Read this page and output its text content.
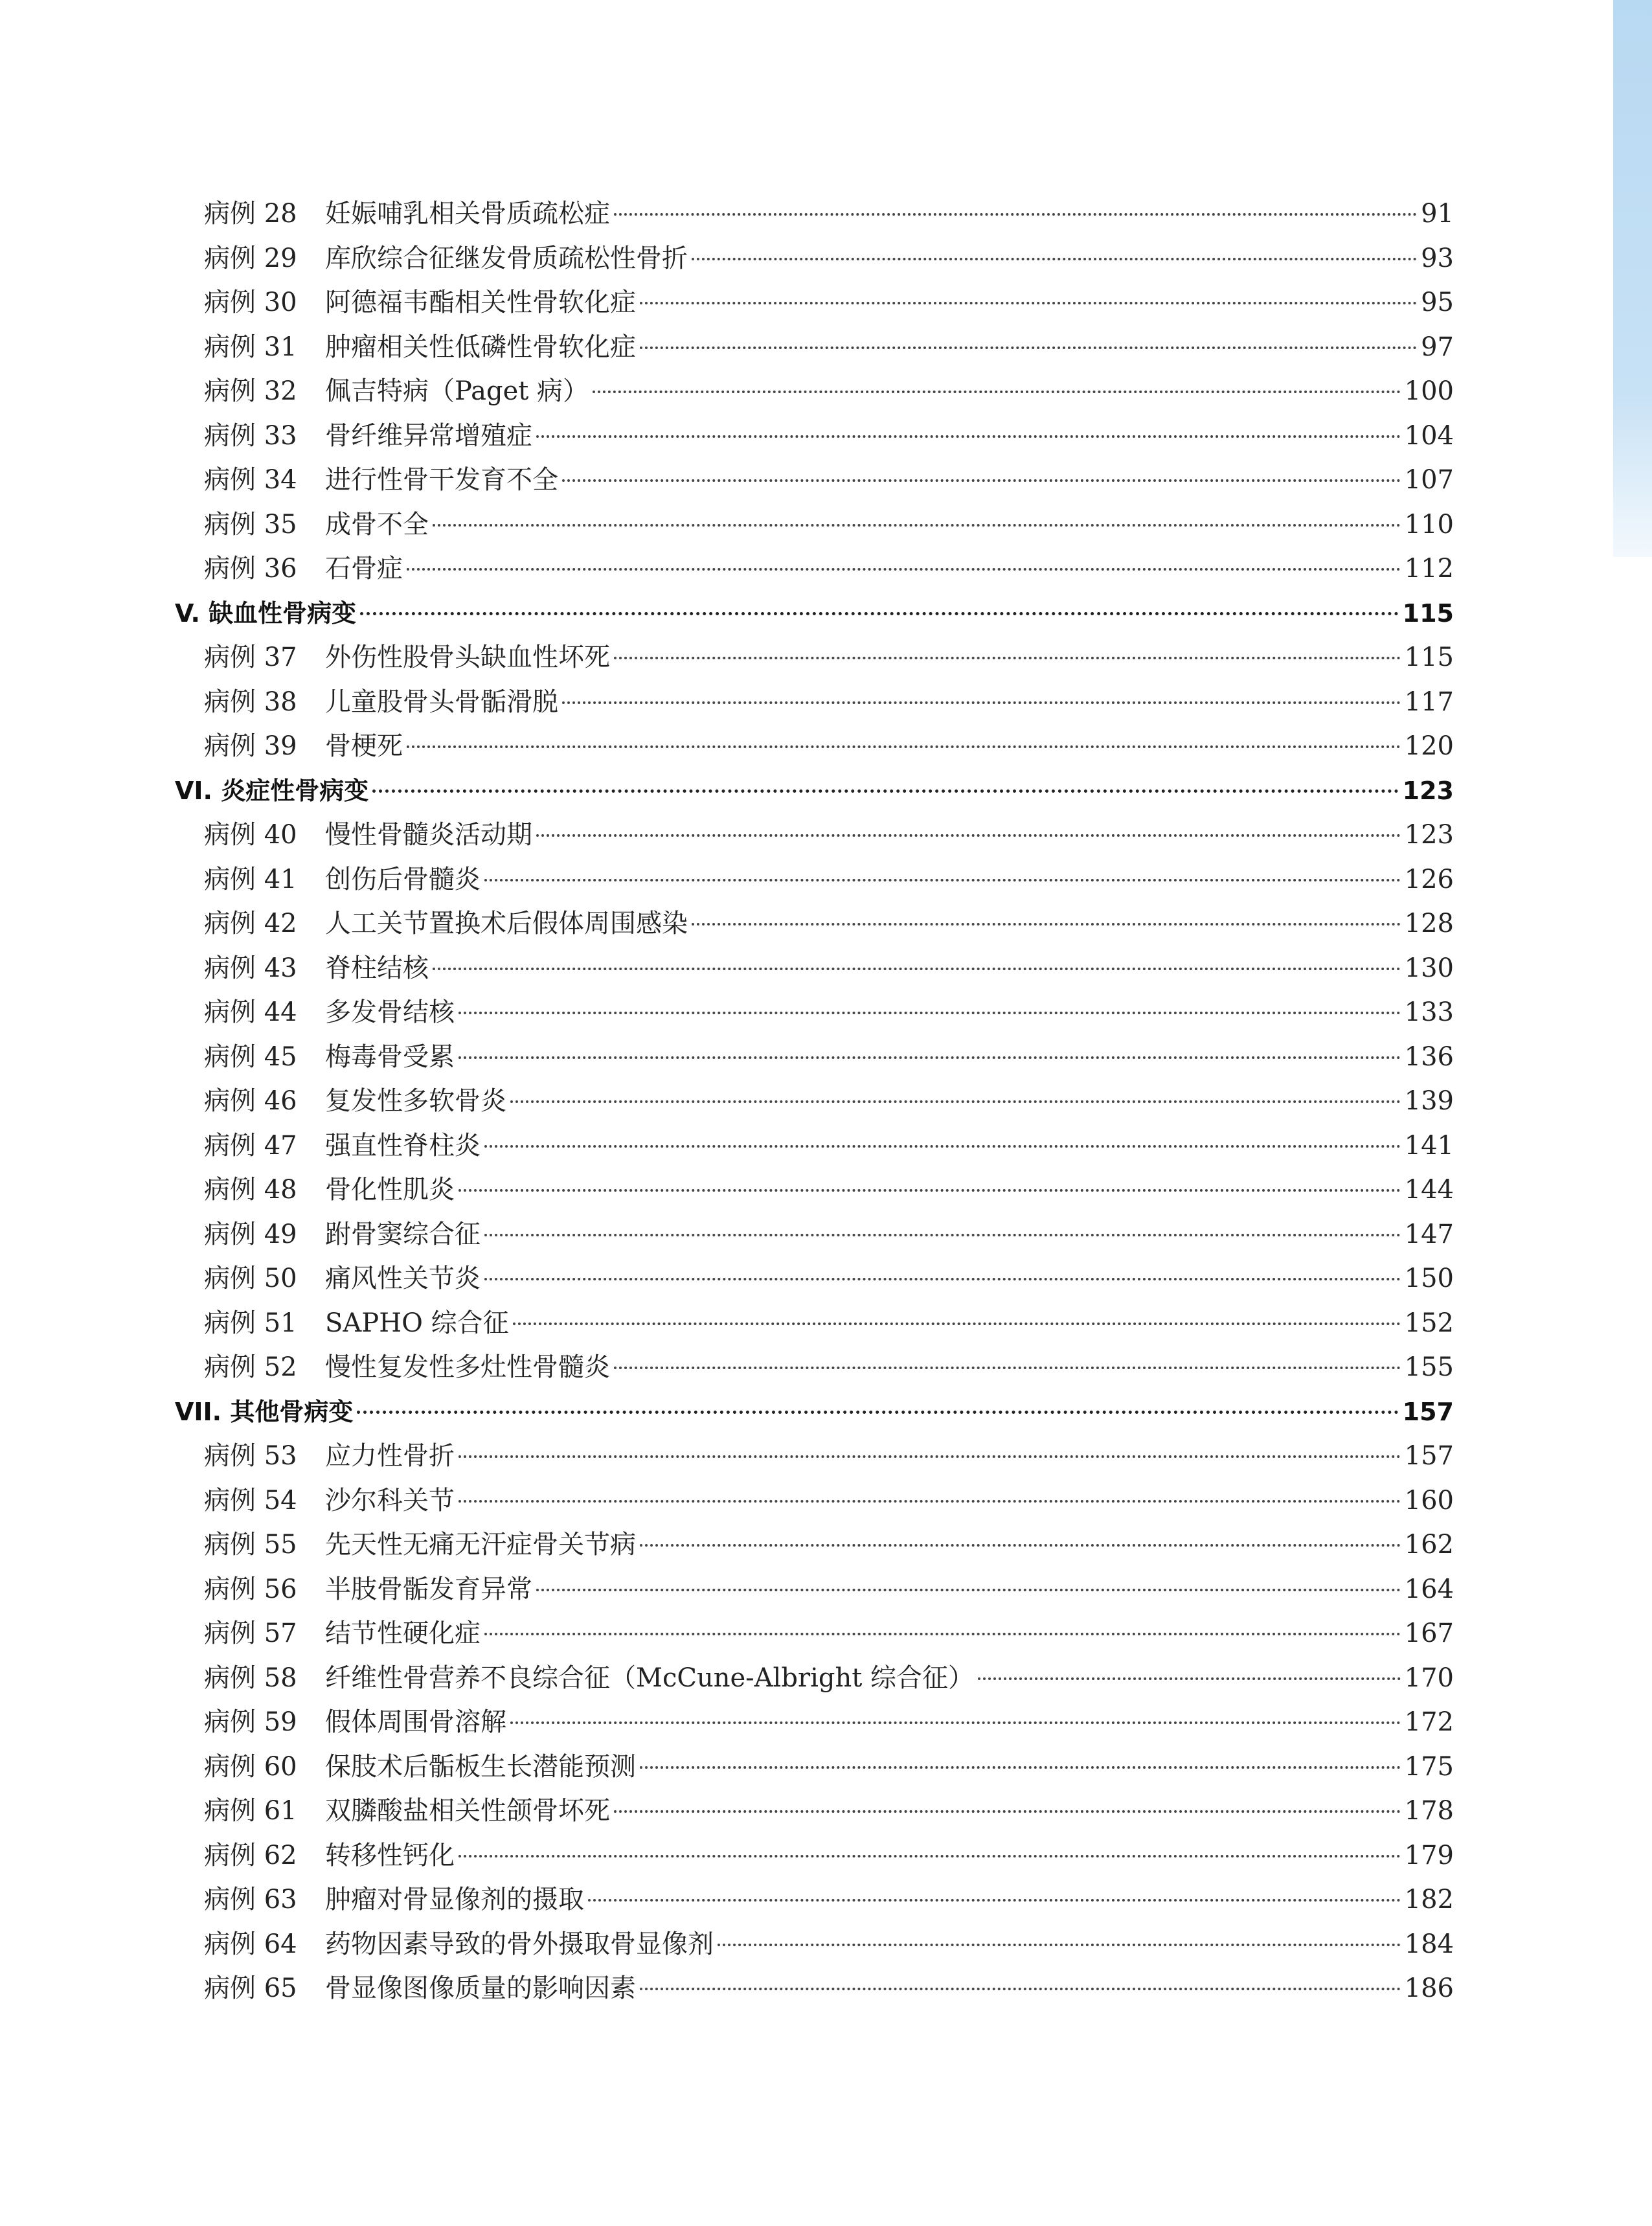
病例 28	妊娠哺乳相关骨质疏松症	91
病例 29	库欣综合征继发骨质疏松性骨折	93
病例 30	阿德福韦酯相关性骨软化症	95
病例 31	肿瘤相关性低磷性骨软化症	97
病例 32	佩吉特病（Paget 病）	100
病例 33	骨纤维异常增殖症	104
病例 34	进行性骨干发育不全	107
病例 35	成骨不全	110
病例 36	石骨症	112
V. 缺血性骨病变	115
病例 37	外伤性股骨头缺血性坏死	115
病例 38	儿童股骨头骨骺滑脱	117
病例 39	骨梗死	120
VI. 炎症性骨病变	123
病例 40	慢性骨髓炎活动期	123
病例 41	创伤后骨髓炎	126
病例 42	人工关节置换术后假体周围感染	128
病例 43	脊柱结核	130
病例 44	多发骨结核	133
病例 45	梅毒骨受累	136
病例 46	复发性多软骨炎	139
病例 47	强直性脊柱炎	141
病例 48	骨化性肌炎	144
病例 49	跗骨窦综合征	147
病例 50	痛风性关节炎	150
病例 51	SAPHO 综合征	152
病例 52	慢性复发性多灶性骨髓炎	155
VII. 其他骨病变	157
病例 53	应力性骨折	157
病例 54	沙尔科关节	160
病例 55	先天性无痛无汗症骨关节病	162
病例 56	半肢骨骺发育异常	164
病例 57	结节性硬化症	167
病例 58	纤维性骨营养不良综合征（McCune-Albright 综合征）	170
病例 59	假体周围骨溶解	172
病例 60	保肢术后骺板生长潜能预测	175
病例 61	双膦酸盐相关性颌骨坏死	178
病例 62	转移性钙化	179
病例 63	肿瘤对骨显像剂的摄取	182
病例 64	药物因素导致的骨外摄取骨显像剂	184
病例 65	骨显像图像质量的影响因素	186
